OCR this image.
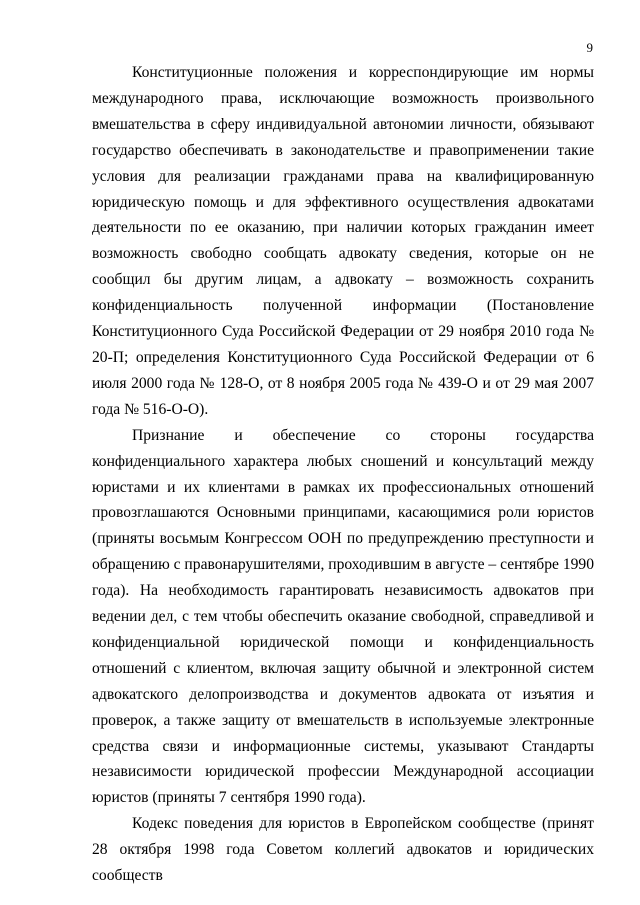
9

Конституционные положения и корреспондирующие им нормы международного права, исключающие возможность произвольного вмешательства в сферу индивидуальной автономии личности, обязывают государство обеспечивать в законодательстве и правоприменении такие условия для реализации гражданами права на квалифицированную юридическую помощь и для эффективного осуществления адвокатами деятельности по ее оказанию, при наличии которых гражданин имеет возможность свободно сообщать адвокату сведения, которые он не сообщил бы другим лицам, а адвокату – возможность сохранить конфиденциальность полученной информации (Постановление Конституционного Суда Российской Федерации от 29 ноября 2010 года № 20-П; определения Конституционного Суда Российской Федерации от 6 июля 2000 года № 128-О, от 8 ноября 2005 года № 439-О и от 29 мая 2007 года № 516-О-О).

Признание и обеспечение со стороны государства конфиденциального характера любых сношений и консультаций между юристами и их клиентами в рамках их профессиональных отношений провозглашаются Основными принципами, касающимися роли юристов (приняты восьмым Конгрессом ООН по предупреждению преступности и обращению с правонарушителями, проходившим в августе – сентябре 1990 года). На необходимость гарантировать независимость адвокатов при ведении дел, с тем чтобы обеспечить оказание свободной, справедливой и конфиденциальной юридической помощи и конфиденциальность отношений с клиентом, включая защиту обычной и электронной систем адвокатского делопроизводства и документов адвоката от изъятия и проверок, а также защиту от вмешательств в используемые электронные средства связи и информационные системы, указывают Стандарты независимости юридической профессии Международной ассоциации юристов (приняты 7 сентября 1990 года).

Кодекс поведения для юристов в Европейском сообществе (принят 28 октября 1998 года Советом коллегий адвокатов и юридических сообществ
